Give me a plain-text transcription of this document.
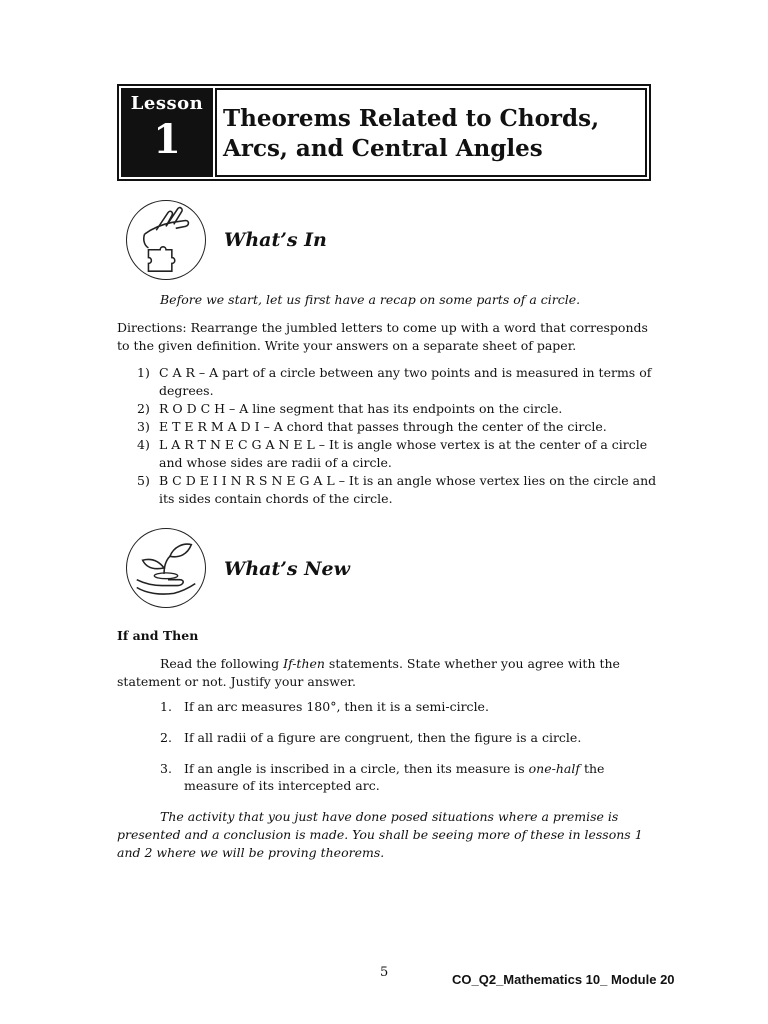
Lesson
1	Theorems Related to Chords,
Arcs, and Central Angles
What’s In
Before we start, let us first have a recap on some parts of a circle.
Directions: Rearrange the jumbled letters to come up with a word that corresponds
to the given definition. Write your answers on a separate sheet of paper.
1) C A R – A part of a circle between any two points and is measured in terms of
degrees.
2) R O D C H – A line segment that has its endpoints on the circle.
3) E T E R M A D I – A chord that passes through the center of the circle.
4) L A R T N E C G A N E L – It is angle whose vertex is at the center of a circle
and whose sides are radii of a circle.
5) B C D E I I N R S N E G A L – It is an angle whose vertex lies on the circle and
its sides contain chords of the circle.
What’s New
If and Then
Read the following If-then statements. State whether you agree with the
statement or not. Justify your answer.
1. If an arc measures 180°, then it is a semi-circle.
2. If all radii of a figure are congruent, then the figure is a circle.
3. If an angle is inscribed in a circle, then its measure is one-half the
measure of its intercepted arc.
The activity that you just have done posed situations where a premise is
presented and a conclusion is made. You shall be seeing more of these in lessons 1
and 2 where we will be proving theorems.
5	CO_Q2_Mathematics 10_ Module 20
